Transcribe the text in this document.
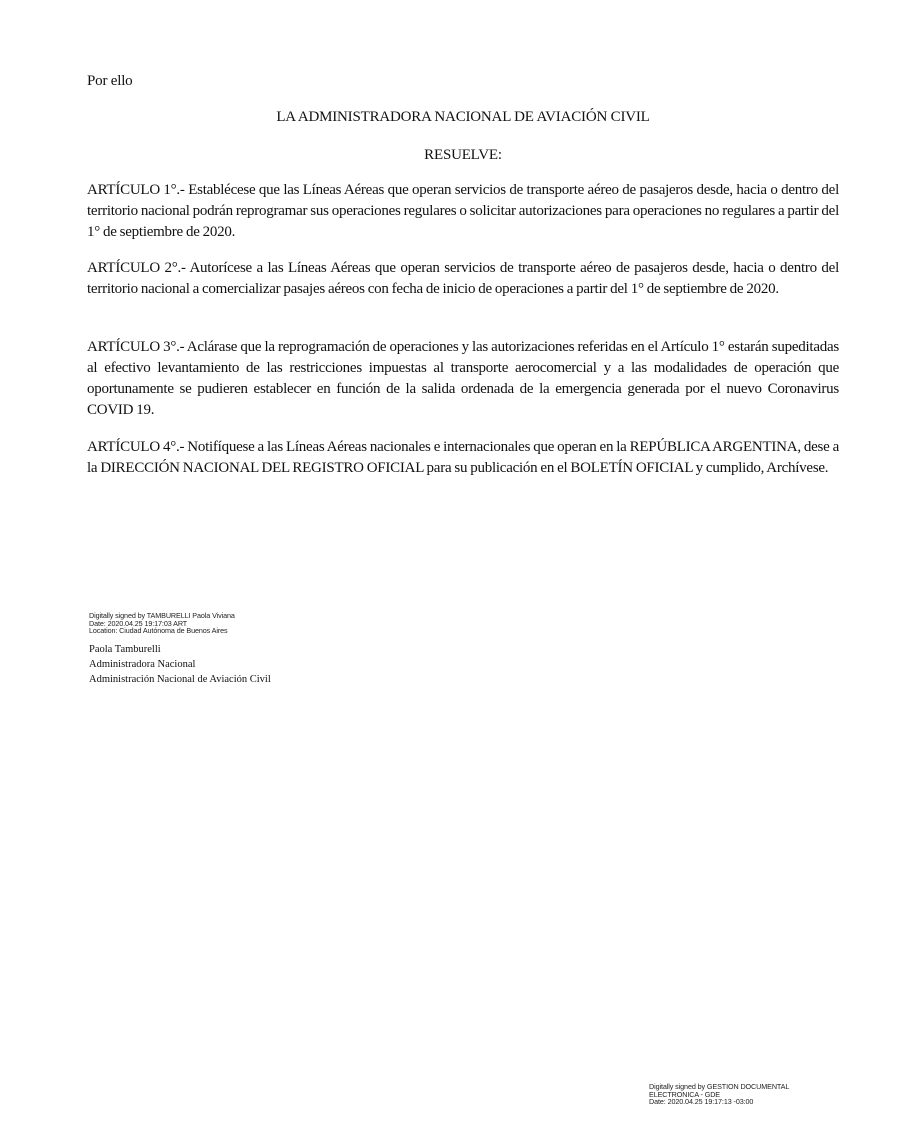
Por ello
LA ADMINISTRADORA NACIONAL DE AVIACIÓN CIVIL
RESUELVE:
ARTÍCULO 1°.- Establécese que las Líneas Aéreas que operan servicios de transporte aéreo de pasajeros desde, hacia o dentro del territorio nacional podrán reprogramar sus operaciones regulares o solicitar autorizaciones para operaciones no regulares a partir del 1° de septiembre de 2020.
ARTÍCULO 2°.- Autorícese a las Líneas Aéreas que operan servicios de transporte aéreo de pasajeros desde, hacia o dentro del territorio nacional a comercializar pasajes aéreos con fecha de inicio de operaciones a partir del 1° de septiembre de 2020.
ARTÍCULO 3°.- Aclárase que la reprogramación de operaciones y las autorizaciones referidas en el Artículo 1° estarán supeditadas al efectivo levantamiento de las restricciones impuestas al transporte aerocomercial y a las modalidades de operación que oportunamente se pudieren establecer en función de la salida ordenada de la emergencia generada por el nuevo Coronavirus COVID 19.
ARTÍCULO 4°.- Notifíquese a las Líneas Aéreas nacionales e internacionales que operan en la REPÚBLICA ARGENTINA, dese a la DIRECCIÓN NACIONAL DEL REGISTRO OFICIAL para su publicación en el BOLETÍN OFICIAL y cumplido, Archívese.
Digitally signed by TAMBURELLI Paola Viviana
Date: 2020.04.25 19:17:03 ART
Location: Ciudad Autónoma de Buenos Aires
Paola Tamburelli
Administradora Nacional
Administración Nacional de Aviación Civil
Digitally signed by GESTION DOCUMENTAL
ELECTRONICA - GDE
Date: 2020.04.25 19:17:13 -03:00
